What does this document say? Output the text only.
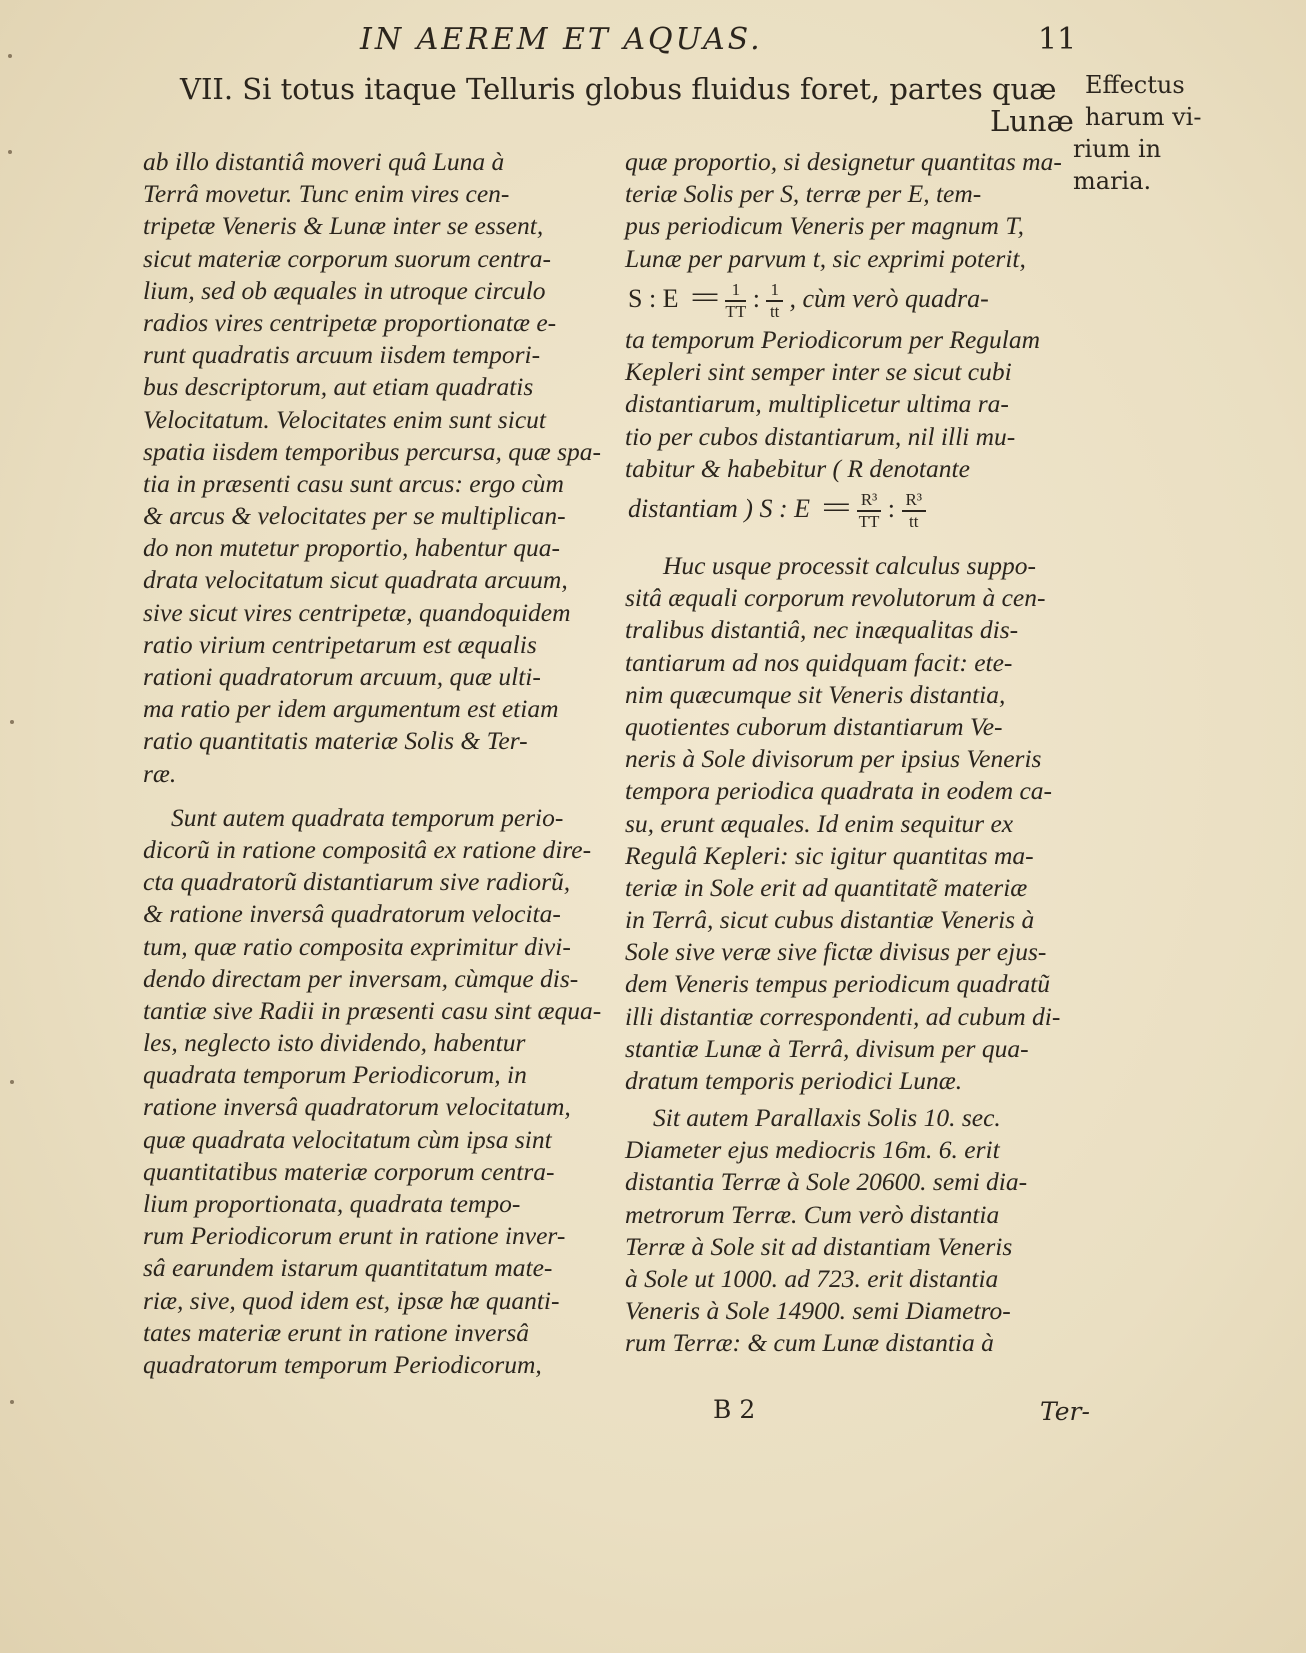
IN AEREM ET AQUAS.	11
VII. Si totus itaque Telluris globus fluidus foret, partes quæ
Lunæ
Effectus
harum vi-
rium in
maria.
ab illo distantiâ moveri quâ Luna à
Terrâ movetur. Tunc enim vires cen-
tripetæ Veneris & Lunæ inter se essent,
sicut materiæ corporum suorum centra-
lium, sed ob æquales in utroque circulo
radios vires centripetæ proportionatæ e-
runt quadratis arcuum iisdem tempori-
bus descriptorum, aut etiam quadratis
Velocitatum. Velocitates enim sunt sicut
spatia iisdem temporibus percursa, quæ spa-
tia in præsenti casu sunt arcus: ergo cùm
& arcus & velocitates per se multiplican-
do non mutetur proportio, habentur qua-
drata velocitatum sicut quadrata arcuum,
sive sicut vires centripetæ, quandoquidem
ratio virium centripetarum est æqualis
rationi quadratorum arcuum, quæ ulti-
ma ratio per idem argumentum est etiam
ratio quantitatis materiæ Solis & Ter-
ræ.
Sunt autem quadrata temporum perio-
dicorũ in ratione compositâ ex ratione dire-
cta quadratorũ distantiarum sive radiorũ,
& ratione inversâ quadratorum velocita-
tum, quæ ratio composita exprimitur divi-
dendo directam per inversam, cùmque dis-
tantiæ sive Radii in præsenti casu sint æqua-
les, neglecto isto dividendo, habentur
quadrata temporum Periodicorum, in
ratione inversâ quadratorum velocitatum,
quæ quadrata velocitatum cùm ipsa sint
quantitatibus materiæ corporum centra-
lium proportionata, quadrata tempo-
rum Periodicorum erunt in ratione inver-
sâ earundem istarum quantitatum mate-
riæ, sive, quod idem est, ipsæ hæ quanti-
tates materiæ erunt in ratione inversâ
quadratorum temporum Periodicorum,
quæ proportio, si designetur quantitas ma-
teriæ Solis per S, terræ per E, tem-
pus periodicum Veneris per magnum T,
Lunæ per parvum t, sic exprimi poterit,
S : $E == \frac{1}{TT}$ : $\frac{1}{tt}$ , cùm verò quadra-
ta temporum Periodicorum per Regulam
Kepleri sint semper inter se sicut cubi
distantiarum, multiplicetur ultima ra-
tio per cubos distantiarum, nil illi mu-
tabitur & habebitur ( R denotante
distantiam ) S : $E == \frac{\text{R³}}{TT}$ : $\frac{\text{R³}}{tt}$
Huc usque processit calculus suppo-
sitâ æquali corporum revolutorum à cen-
tralibus distantiâ, nec inæqualitas dis-
tantiarum ad nos quidquam facit: ete-
nim quæcumque sit Veneris distantia,
quotientes cuborum distantiarum Ve-
neris à Sole divisorum per ipsius Veneris
tempora periodica quadrata in eodem ca-
su, erunt æquales. Id enim sequitur ex
Regulâ Kepleri: sic igitur quantitas ma-
teriæ in Sole erit ad quantitatẽ materiæ
in Terrâ, sicut cubus distantiæ Veneris à
Sole sive veræ sive fictæ divisus per ejus-
dem Veneris tempus periodicum quadratũ
illi distantiæ correspondenti, ad cubum di-
stantiæ Lunæ à Terrâ, divisum per qua-
dratum temporis periodici Lunæ.
Sit autem Parallaxis Solis 10. sec.
Diameter ejus mediocris 16m. 6. erit
distantia Terræ à Sole 20600. semi dia-
metrorum Terræ. Cum verò distantia
Terræ à Sole sit ad distantiam Veneris
à Sole ut 1000. ad 723. erit distantia
Veneris à Sole 14900. semi Diametro-
rum Terræ: & cum Lunæ distantia à
B 2	Ter-
